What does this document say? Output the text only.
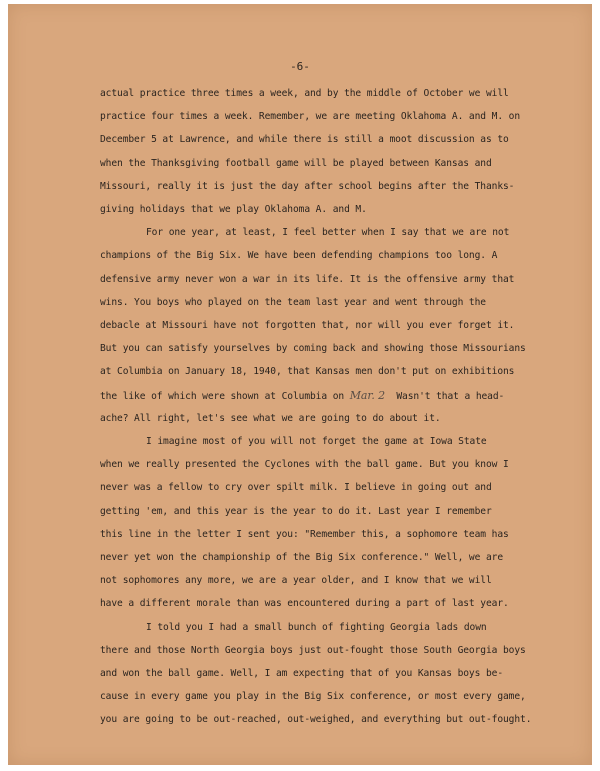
-6-
actual practice three times a week, and by the middle of October we will
practice four times a week. Remember, we are meeting Oklahoma A. and M. on
December 5 at Lawrence, and while there is still a moot discussion as to
when the Thanksgiving football game will be played between Kansas and
Missouri, really it is just the day after school begins after the Thanks-
giving holidays that we play Oklahoma A. and M.
For one year, at least, I feel better when I say that we are not
champions of the Big Six. We have been defending champions too long. A
defensive army never won a war in its life. It is the offensive army that
wins. You boys who played on the team last year and went through the
debacle at Missouri have not forgotten that, nor will you ever forget it.
But you can satisfy yourselves by coming back and showing those Missourians
at Columbia on January 18, 1940, that Kansas men don't put on exhibitions
the like of which were shown at Columbia on Mar. 2  Wasn't that a head-
ache? All right, let's see what we are going to do about it.
I imagine most of you will not forget the game at Iowa State
when we really presented the Cyclones with the ball game. But you know I
never was a fellow to cry over spilt milk. I believe in going out and
getting 'em, and this year is the year to do it. Last year I remember
this line in the letter I sent you: "Remember this, a sophomore team has
never yet won the championship of the Big Six conference." Well, we are
not sophomores any more, we are a year older, and I know that we will
have a different morale than was encountered during a part of last year.
I told you I had a small bunch of fighting Georgia lads down
there and those North Georgia boys just out-fought those South Georgia boys
and won the ball game. Well, I am expecting that of you Kansas boys be-
cause in every game you play in the Big Six conference, or most every game,
you are going to be out-reached, out-weighed, and everything but out-fought.
